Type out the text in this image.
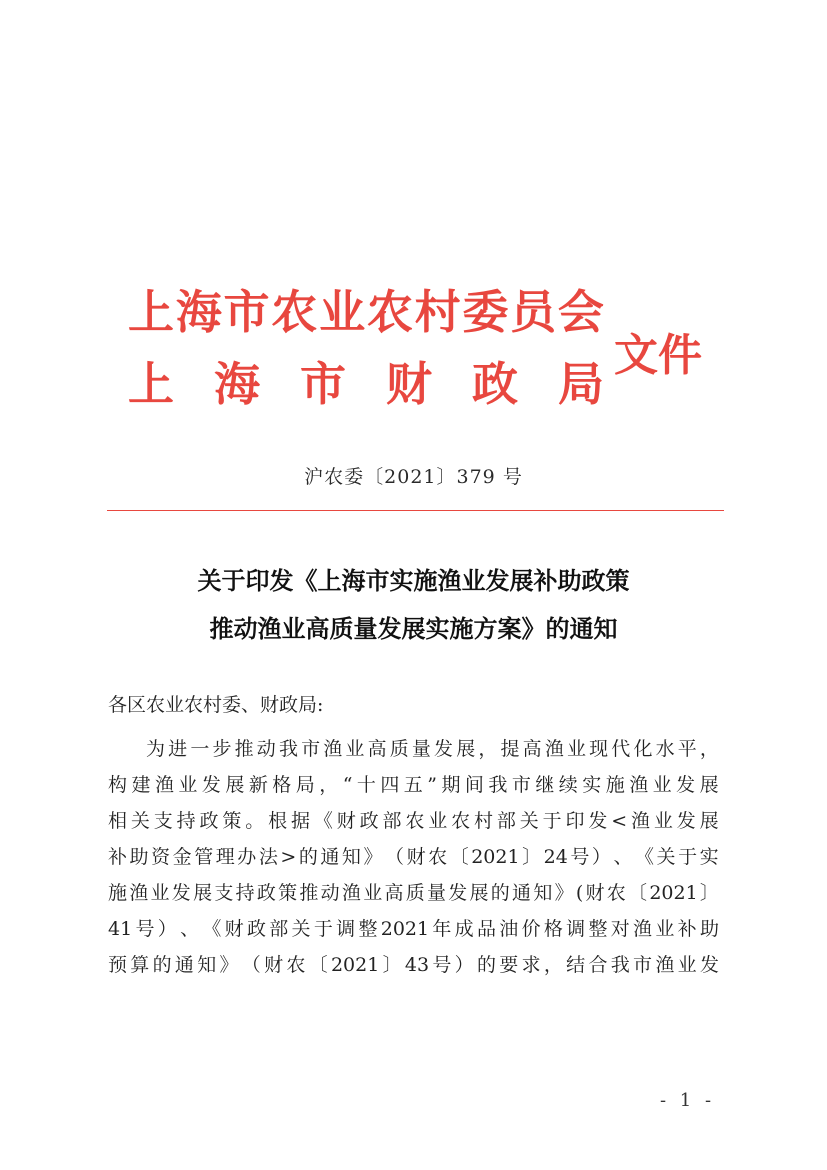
上 海 市 农 业 农 村 委 员 会
上 海 市 财 政 局
文件
沪农委〔2021〕379 号
关于印发《上海市实施渔业发展补助政策
推动渔业高质量发展实施方案》的通知
各区农业农村委、财政局:
为 进 一 步 推 动 我 市 渔 业 高 质 量 发 展 ， 提 高 渔 业 现 代 化 水 平 ，
构 建 渔 业 发 展 新 格 局 ， “ 十 四 五 ” 期 间 我 市 继 续 实 施 渔 业 发 展
相 关 支 持 政 策 。 根 据 《 财 政 部 农 业 农 村 部 关 于 印 发 < 渔 业 发 展
补 助 资 金 管 理 办 法 > 的 通 知 》 （ 财 农 〔 2021 〕 24 号 ） 、 《 关 于 实
施 渔 业 发 展 支 持 政 策 推 动 渔 业 高 质 量 发 展 的 通 知 》 ( 财 农 〔 2021 〕
41 号 ） 、 《 财 政 部 关 于 调 整 2021 年 成 品 油 价 格 调 整 对 渔 业 补 助
预 算 的 通 知 》 （ 财 农 〔 2021 〕 43 号 ） 的 要 求 ， 结 合 我 市 渔 业 发
- 1 -
